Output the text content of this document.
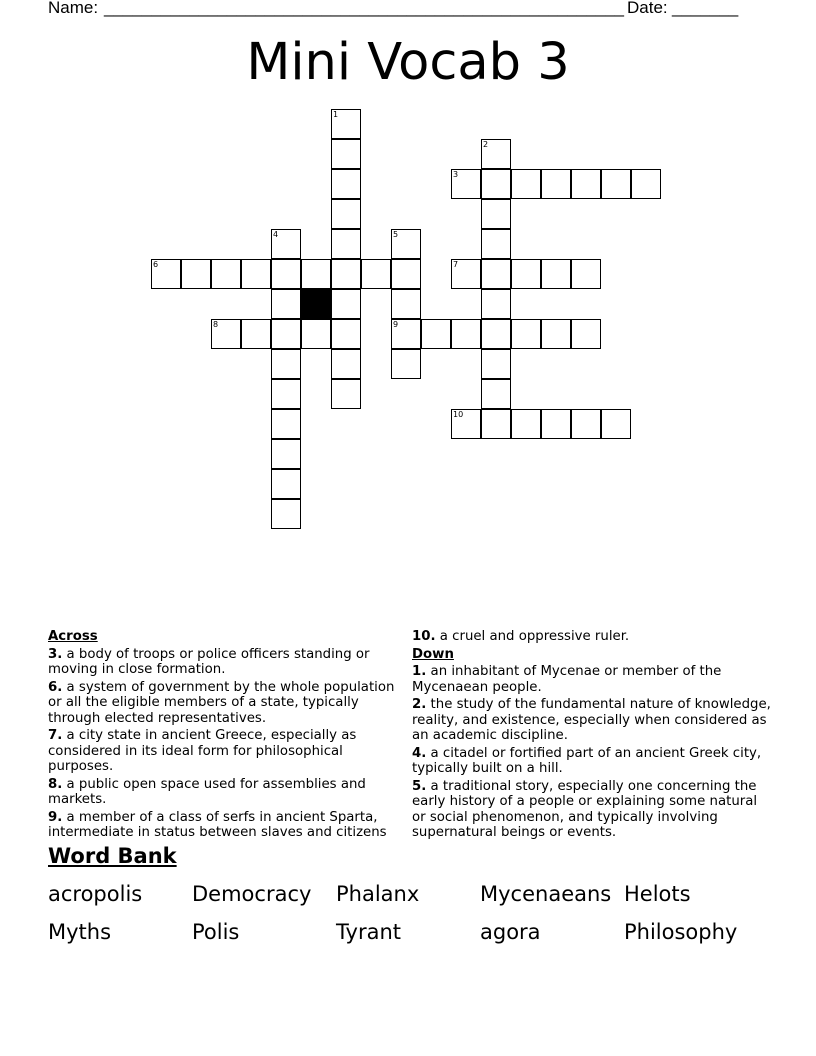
Name: _______________________________________________________ Date: _______
Mini Vocab 3
1
2
3
4	5
9
6	7
8
10
Across
3. a body of troops or police officers standing or moving in close formation.
6. a system of government by the whole population or all the eligible members of a state, typically through elected representatives.
7. a city state in ancient Greece, especially as considered in its ideal form for philosophical purposes.
8. a public open space used for assemblies and markets.
9. a member of a class of serfs in ancient Sparta, intermediate in status between slaves and citizens
10. a cruel and oppressive ruler.
Down
1. an inhabitant of Mycenae or member of the Mycenaean people.
2. the study of the fundamental nature of knowledge, reality, and existence, especially when considered as an academic discipline.
4. a citadel or fortified part of an ancient Greek city, typically built on a hill.
5. a traditional story, especially one concerning the early history of a people or explaining some natural or social phenomenon, and typically involving supernatural beings or events.
Word Bank
acropolis Democracy Phalanx	Mycenaeans Helots
Myths	Polis	Tyrant	agora	Philosophy
